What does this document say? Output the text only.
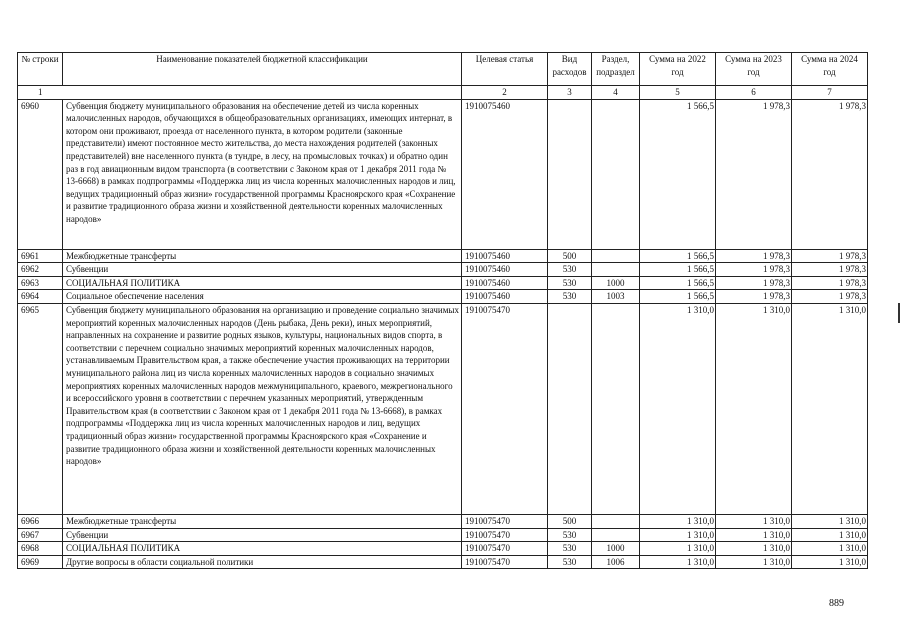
№ строки	Наименование показателей бюджетной классификации	Целевая статья	Вид расходов	Раздел, подраздел	Сумма на 2022 год	Сумма на 2023 год	Сумма на 2024 год
1		2	3	4	5	6	7
6960	Субвенция бюджету муниципального образования на обеспечение детей из числа коренных малочисленных народов, обучающихся в общеобразовательных организациях, имеющих интернат, в котором они проживают, проезда от населенного пункта, в котором родители (законные представители) имеют постоянное место жительства, до места нахождения родителей (законных представителей) вне населенного пункта (в тундре, в лесу, на промысловых точках) и обратно один раз в год авиационным видом транспорта (в соответствии с Законом края от 1 декабря 2011 года № 13-6668) в рамках подпрограммы «Поддержка лиц из числа коренных малочисленных народов и лиц, ведущих традиционный образ жизни» государственной программы Красноярского края «Сохранение и развитие традиционного образа жизни и хозяйственной деятельности коренных малочисленных народов»	1910075460			1 566,5	1 978,3	1 978,3
6961	Межбюджетные трансферты	1910075460	500		1 566,5	1 978,3	1 978,3
6962	Субвенции	1910075460	530		1 566,5	1 978,3	1 978,3
6963	СОЦИАЛЬНАЯ ПОЛИТИКА	1910075460	530	1000	1 566,5	1 978,3	1 978,3
6964	Социальное обеспечение населения	1910075460	530	1003	1 566,5	1 978,3	1 978,3
6965	Субвенция бюджету муниципального образования на организацию и проведение социально значимых мероприятий коренных малочисленных народов (День рыбака, День реки), иных мероприятий, направленных на сохранение и развитие родных языков, культуры, национальных видов спорта, в соответствии с перечнем социально значимых мероприятий коренных малочисленных народов, устанавливаемым Правительством края, а также обеспечение участия проживающих на территории муниципального района лиц из числа коренных малочисленных народов в социально значимых мероприятиях коренных малочисленных народов межмуниципального, краевого, межрегионального и всероссийского уровня в соответствии с перечнем указанных мероприятий, утвержденным Правительством края (в соответствии с Законом края от 1 декабря 2011 года № 13-6668), в рамках подпрограммы «Поддержка лиц из числа коренных малочисленных народов и лиц, ведущих традиционный образ жизни» государственной программы Красноярского края «Сохранение и развитие традиционного образа жизни и хозяйственной деятельности коренных малочисленных народов»	1910075470			1 310,0	1 310,0	1 310,0
6966	Межбюджетные трансферты	1910075470	500		1 310,0	1 310,0	1 310,0
6967	Субвенции	1910075470	530		1 310,0	1 310,0	1 310,0
6968	СОЦИАЛЬНАЯ ПОЛИТИКА	1910075470	530	1000	1 310,0	1 310,0	1 310,0
6969	Другие вопросы в области социальной политики	1910075470	530	1006	1 310,0	1 310,0	1 310,0
889
